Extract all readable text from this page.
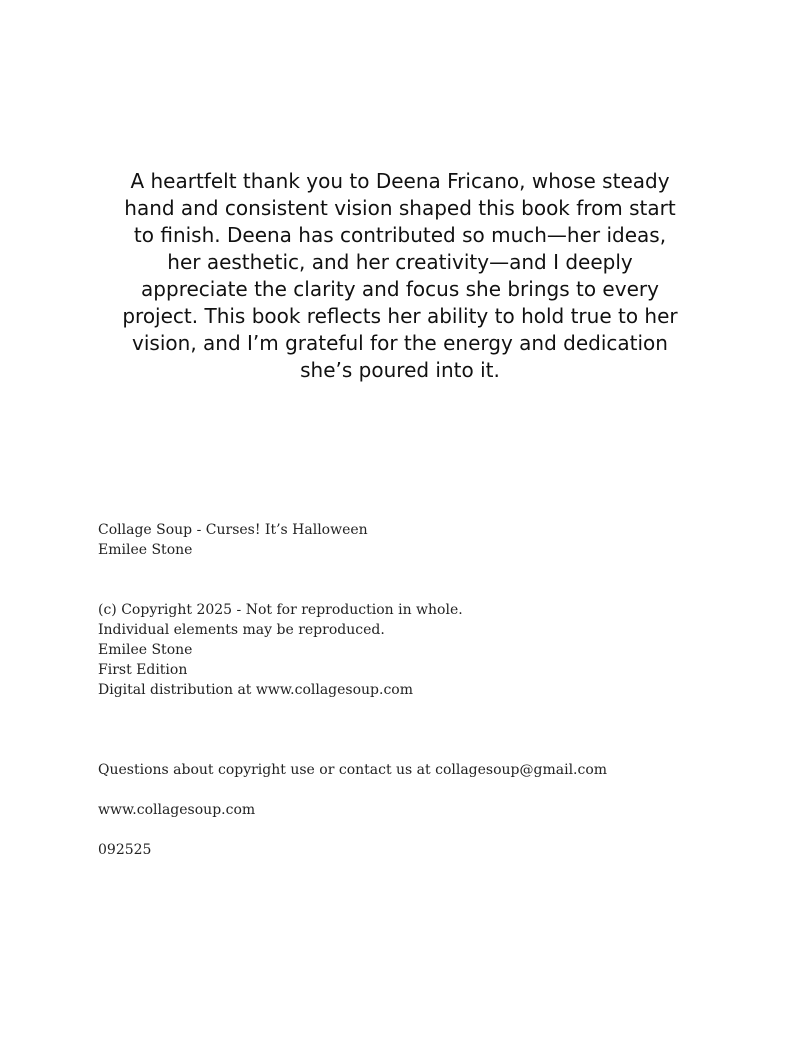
A heartfelt thank you to Deena Fricano, whose steady hand and consistent vision shaped this book from start to finish. Deena has contributed so much—her ideas, her aesthetic, and her creativity—and I deeply appreciate the clarity and focus she brings to every project. This book reflects her ability to hold true to her vision, and I’m grateful for the energy and dedication she’s poured into it.

Collage Soup - Curses! It’s Halloween
Emilee Stone
(c) Copyright 2025 - Not for reproduction in whole.
Individual elements may be reproduced.
Emilee Stone
First Edition
Digital distribution at www.collagesoup.com
Questions about copyright use or contact us at collagesoup@gmail.com
www.collagesoup.com
092525
